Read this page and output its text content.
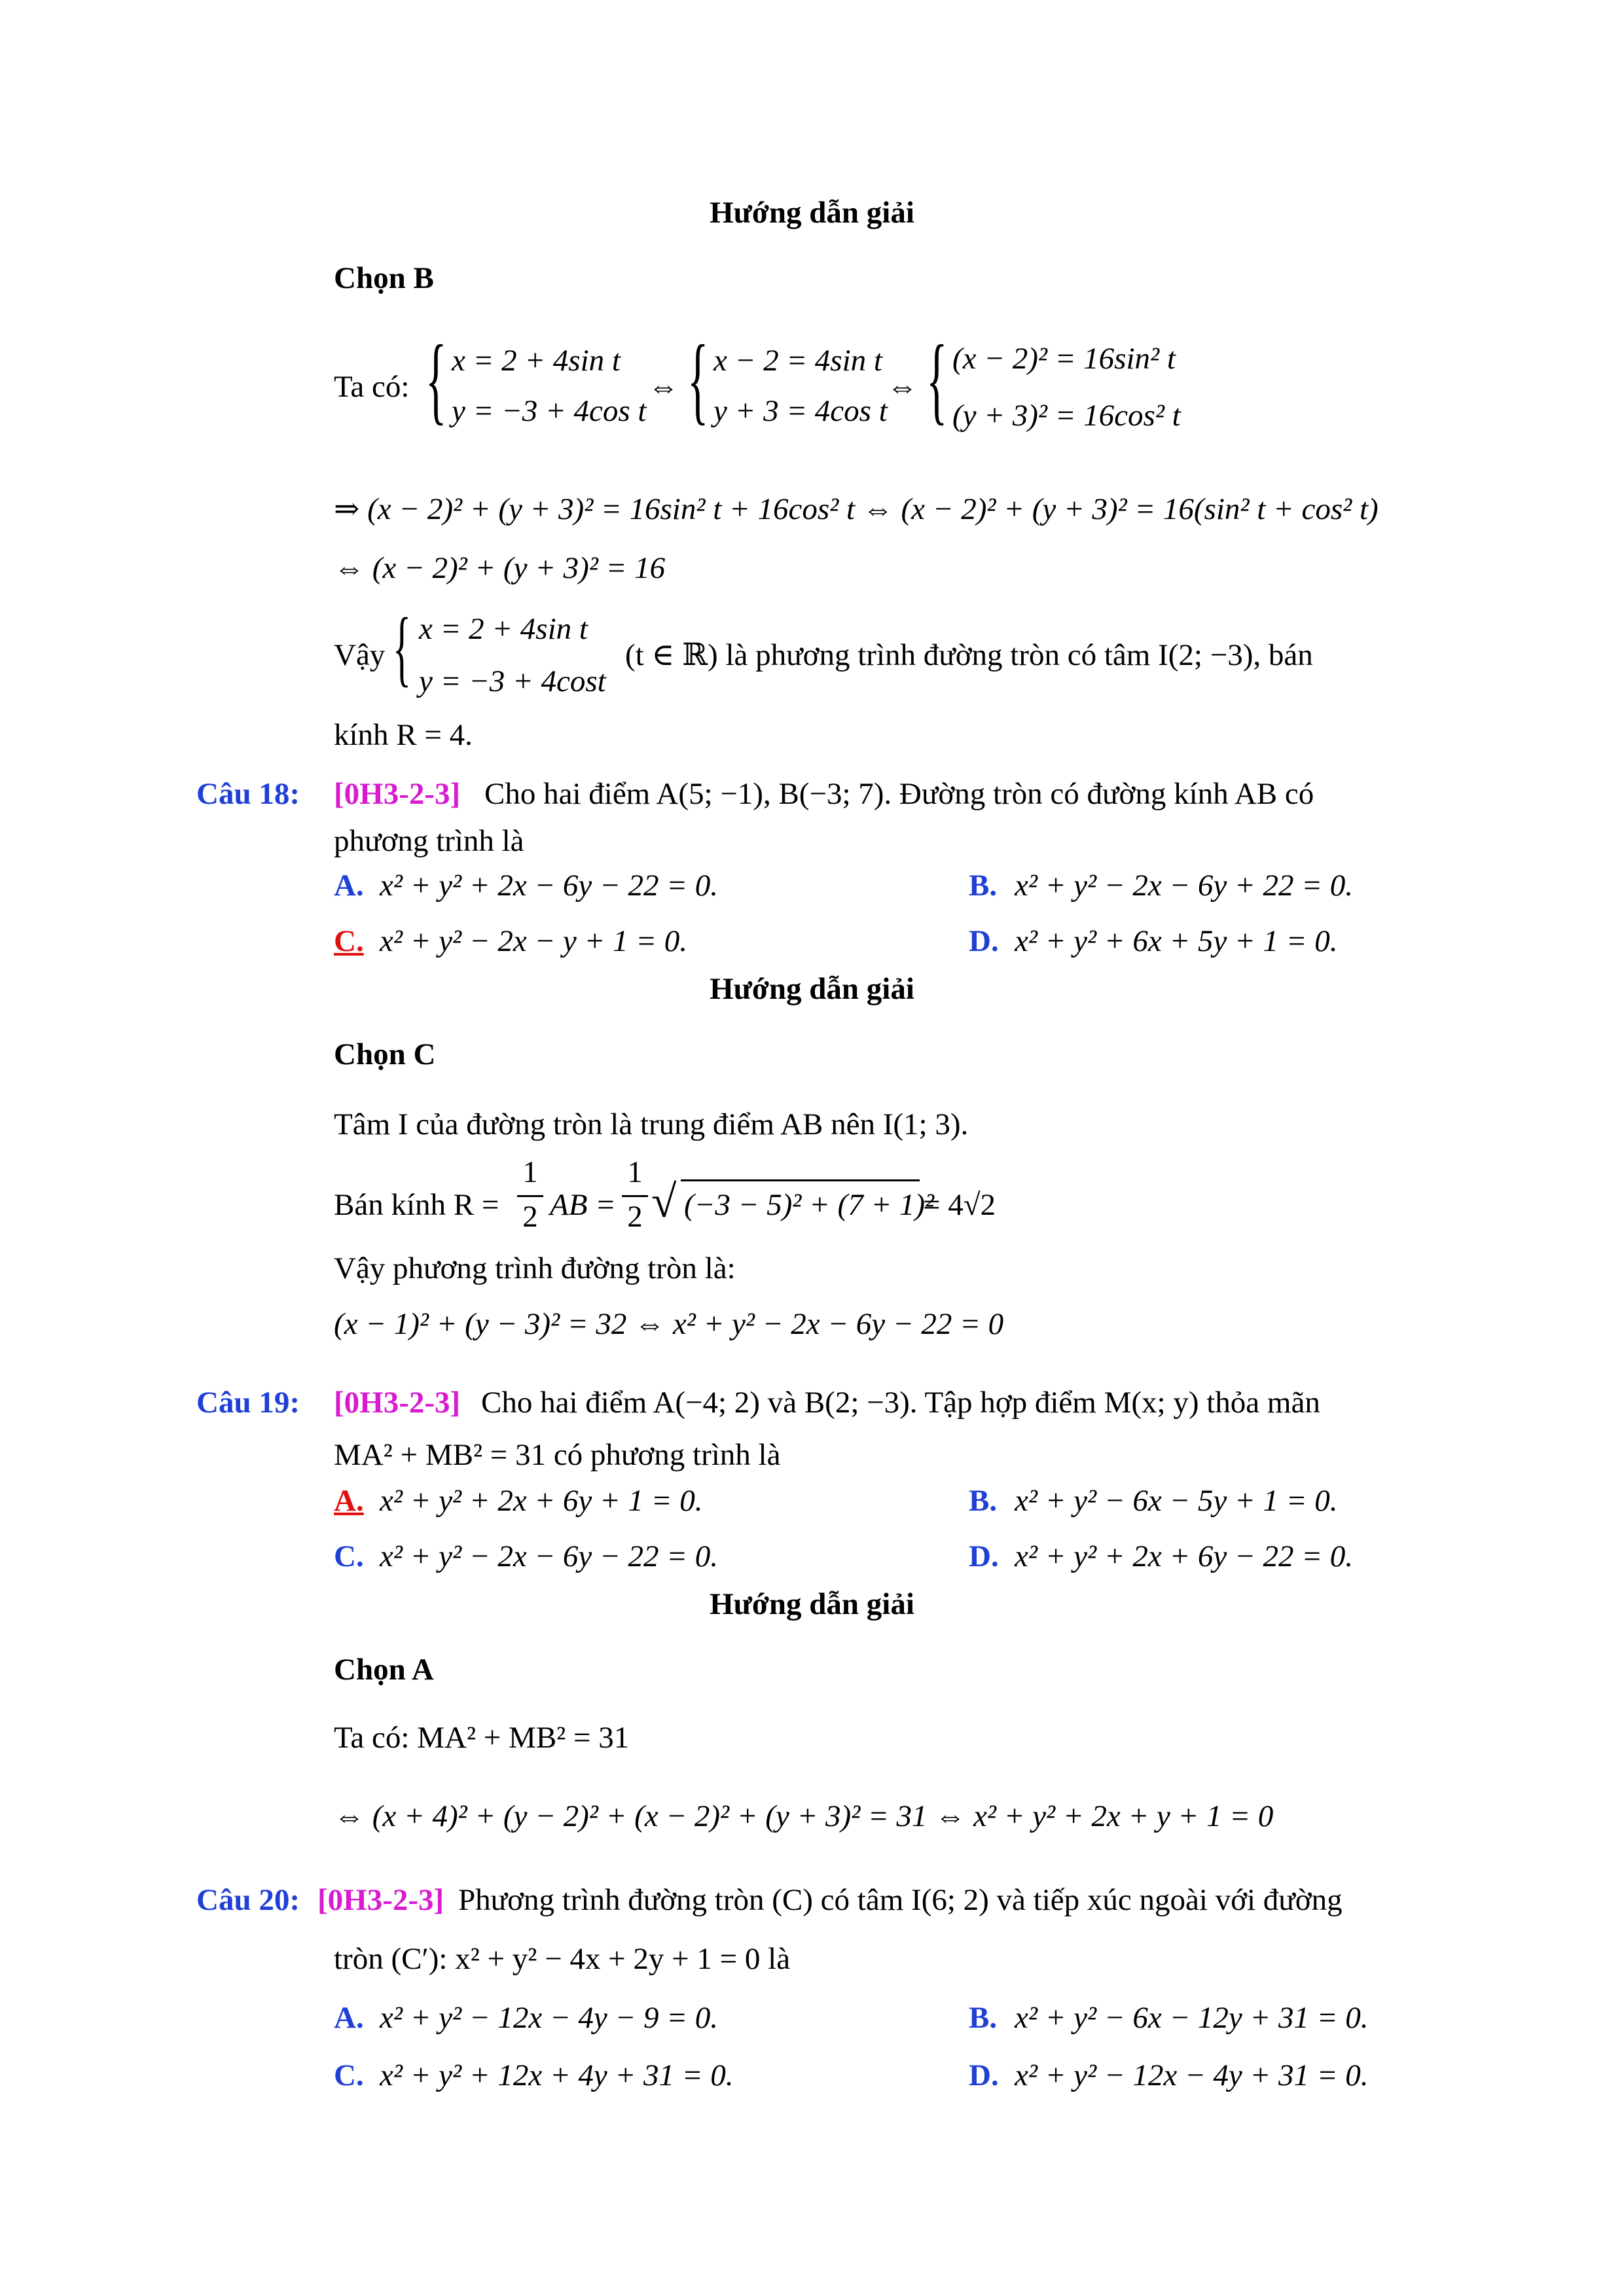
Hướng dẫn giải
Chọn B
Ta có: { x = 2 + 4sin t
y = −3 + 4cos t
⇔ { x − 2 = 4sin t
y + 3 = 4cos t
⇔ { (x − 2)² = 16sin² t
(y + 3)² = 16cos² t
⇒ (x − 2)² + (y + 3)² = 16sin² t + 16cos² t ⇔ (x − 2)² + (y + 3)² = 16(sin² t + cos² t)
⇔ (x − 2)² + (y + 3)² = 16
Vậy { x = 2 + 4sin t
y = −3 + 4cost
(t ∈ ℝ) là phương trình đường tròn có tâm I(2; −3), bán
kính R = 4.
Câu 18: [0H3-2-3] Cho hai điểm A(5; −1), B(−3; 7). Đường tròn có đường kính AB có
phương trình là
A. x² + y² + 2x − 6y − 22 = 0.	B. x² + y² − 2x − 6y + 22 = 0.
C. x² + y² − 2x − y + 1 = 0.	D. x² + y² + 6x + 5y + 1 = 0.
Hướng dẫn giải
Chọn C
Tâm I của đường tròn là trung điểm AB nên I(1; 3).
Bán kính R =
1
2 AB =
1
2 √ (−3 − 5)² + (7 + 1)²
= 4√2
Vậy phương trình đường tròn là:
(x − 1)² + (y − 3)² = 32 ⇔ x² + y² − 2x − 6y − 22 = 0
Câu 19: [0H3-2-3] Cho hai điểm A(−4; 2) và B(2; −3). Tập hợp điểm M(x; y) thỏa mãn
MA² + MB² = 31 có phương trình là
A. x² + y² + 2x + 6y + 1 = 0.	B. x² + y² − 6x − 5y + 1 = 0.
C. x² + y² − 2x − 6y − 22 = 0.	D. x² + y² + 2x + 6y − 22 = 0.
Hướng dẫn giải
Chọn A
Ta có: MA² + MB² = 31
⇔ (x + 4)² + (y − 2)² + (x − 2)² + (y + 3)² = 31 ⇔ x² + y² + 2x + y + 1 = 0
Câu 20: [0H3-2-3] Phương trình đường tròn (C) có tâm I(6; 2) và tiếp xúc ngoài với đường
tròn (C′): x² + y² − 4x + 2y + 1 = 0 là
A. x² + y² − 12x − 4y − 9 = 0.	B. x² + y² − 6x − 12y + 31 = 0.
C. x² + y² + 12x + 4y + 31 = 0.	D. x² + y² − 12x − 4y + 31 = 0.
